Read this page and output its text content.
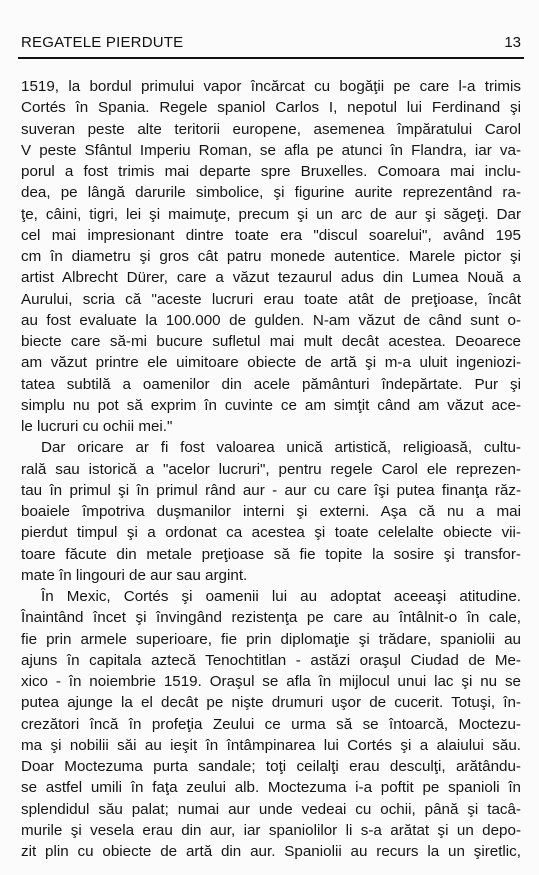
REGATELE PIERDUTE	13
1519, la bordul primului vapor încărcat cu bogăţii pe care l-a trimis
Cortés în Spania. Regele spaniol Carlos I, nepotul lui Ferdinand şi
suveran peste alte teritorii europene, asemenea împăratului Carol
V peste Sfântul Imperiu Roman, se afla pe atunci în Flandra, iar va-
porul a fost trimis mai departe spre Bruxelles. Comoara mai inclu-
dea, pe lângă darurile simbolice, şi figurine aurite reprezentând ra-
ţe, câini, tigri, lei şi maimuţe, precum şi un arc de aur şi săgeţi. Dar
cel mai impresionant dintre toate era "discul soarelui", având 195
cm în diametru şi gros cât patru monede autentice. Marele pictor şi
artist Albrecht Dürer, care a văzut tezaurul adus din Lumea Nouă a
Aurului, scria că "aceste lucruri erau toate atât de preţioase, încât
au fost evaluate la 100.000 de gulden. N-am văzut de când sunt o-
biecte care să-mi bucure sufletul mai mult decât acestea. Deoarece
am văzut printre ele uimitoare obiecte de artă şi m-a uluit ingeniozi-
tatea subtilă a oamenilor din acele pământuri îndepărtate. Pur şi
simplu nu pot să exprim în cuvinte ce am simţit când am văzut ace-
le lucruri cu ochii mei."
Dar oricare ar fi fost valoarea unică artistică, religioasă, cultu-
rală sau istorică a "acelor lucruri", pentru regele Carol ele reprezen-
tau în primul şi în primul rând aur - aur cu care îşi putea finanţa răz-
boaiele împotriva duşmanilor interni şi externi. Aşa că nu a mai
pierdut timpul şi a ordonat ca acestea şi toate celelalte obiecte vii-
toare făcute din metale preţioase să fie topite la sosire şi transfor-
mate în lingouri de aur sau argint.
În Mexic, Cortés şi oamenii lui au adoptat aceeaşi atitudine.
Înaintând încet şi învingând rezistenţa pe care au întâlnit-o în cale,
fie prin armele superioare, fie prin diplomaţie şi trădare, spaniolii au
ajuns în capitala aztecă Tenochtitlan - astăzi oraşul Ciudad de Me-
xico - în noiembrie 1519. Oraşul se afla în mijlocul unui lac şi nu se
putea ajunge la el decât pe nişte drumuri uşor de cucerit. Totuşi, în-
crezători încă în profeţia Zeului ce urma să se întoarcă, Moctezu-
ma şi nobilii săi au ieşit în întâmpinarea lui Cortés şi a alaiului său.
Doar Moctezuma purta sandale; toţi ceilalţi erau desculţi, arătându-
se astfel umili în faţa zeului alb. Moctezuma i-a poftit pe spanioli în
splendidul său palat; numai aur unde vedeai cu ochii, până şi tacâ-
murile şi vesela erau din aur, iar spaniolilor li s-a arătat şi un depo-
zit plin cu obiecte de artă din aur. Spaniolii au recurs la un şiretlic,
